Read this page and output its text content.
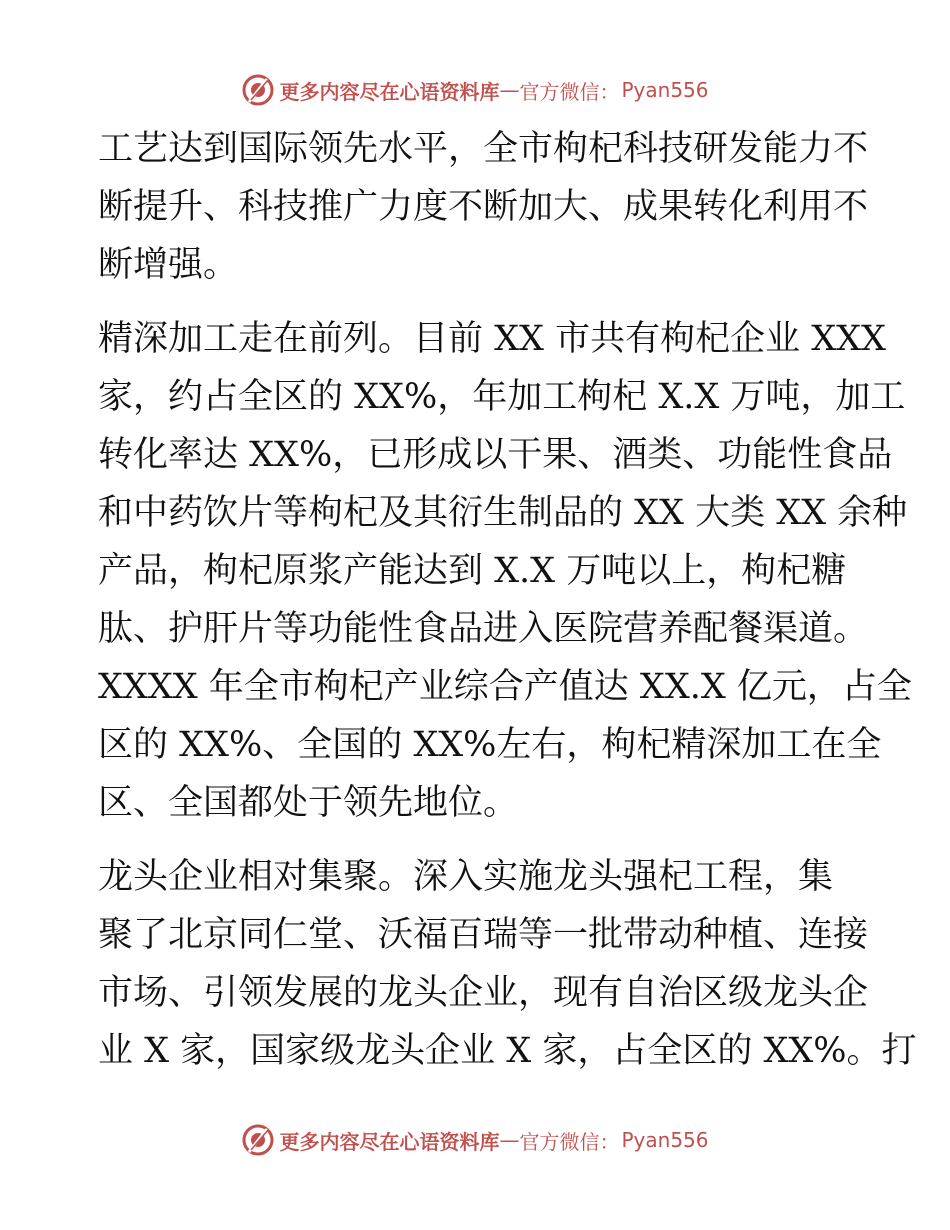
更多内容尽在心语资料库 — 官方微信： Pyan556

工艺达到国际领先水平，全市枸杞科技研发能力不
断提升、科技推广力度不断加大、成果转化利用不
断增强。

精深加工走在前列。目前 XX 市共有枸杞企业 XXX
家，约占全区的 XX%，年加工枸杞 X.X 万吨，加工
转化率达 XX%，已形成以干果、酒类、功能性食品
和中药饮片等枸杞及其衍生制品的 XX 大类 XX 余种
产品，枸杞原浆产能达到 X.X 万吨以上，枸杞糖
肽、护肝片等功能性食品进入医院营养配餐渠道。
XXXX 年全市枸杞产业综合产值达 XX.X 亿元，占全
区的 XX%、全国的 XX%左右，枸杞精深加工在全
区、全国都处于领先地位。

龙头企业相对集聚。深入实施龙头强杞工程，集
聚了北京同仁堂、沃福百瑞等一批带动种植、连接
市场、引领发展的龙头企业，现有自治区级龙头企
业 X 家，国家级龙头企业 X 家，占全区的 XX%。打

更多内容尽在心语资料库 — 官方微信： Pyan556
